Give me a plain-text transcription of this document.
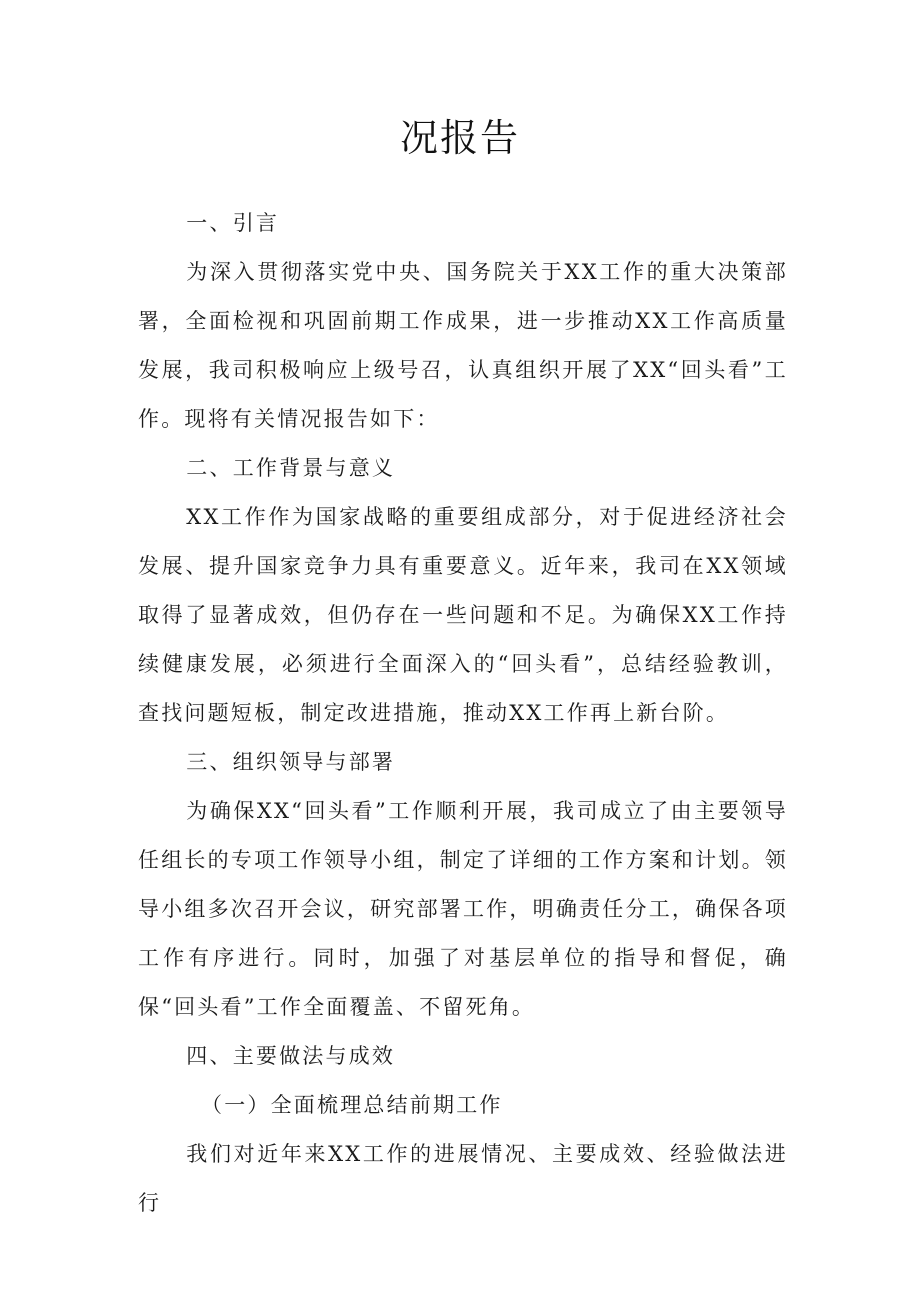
况报告

一、引言

为深入贯彻落实党中央、国务院关于XX工作的重大决策部署，全面检视和巩固前期工作成果，进一步推动XX工作高质量发展，我司积极响应上级号召，认真组织开展了XX“回头看”工作。现将有关情况报告如下：

二、工作背景与意义

XX工作作为国家战略的重要组成部分，对于促进经济社会发展、提升国家竞争力具有重要意义。近年来，我司在XX领域取得了显著成效，但仍存在一些问题和不足。为确保XX工作持续健康发展，必须进行全面深入的“回头看”，总结经验教训，查找问题短板，制定改进措施，推动XX工作再上新台阶。

三、组织领导与部署

为确保XX“回头看”工作顺利开展，我司成立了由主要领导任组长的专项工作领导小组，制定了详细的工作方案和计划。领导小组多次召开会议，研究部署工作，明确责任分工，确保各项工作有序进行。同时，加强了对基层单位的指导和督促，确保“回头看”工作全面覆盖、不留死角。

四、主要做法与成效

（一）全面梳理总结前期工作

我们对近年来XX工作的进展情况、主要成效、经验做法进行
